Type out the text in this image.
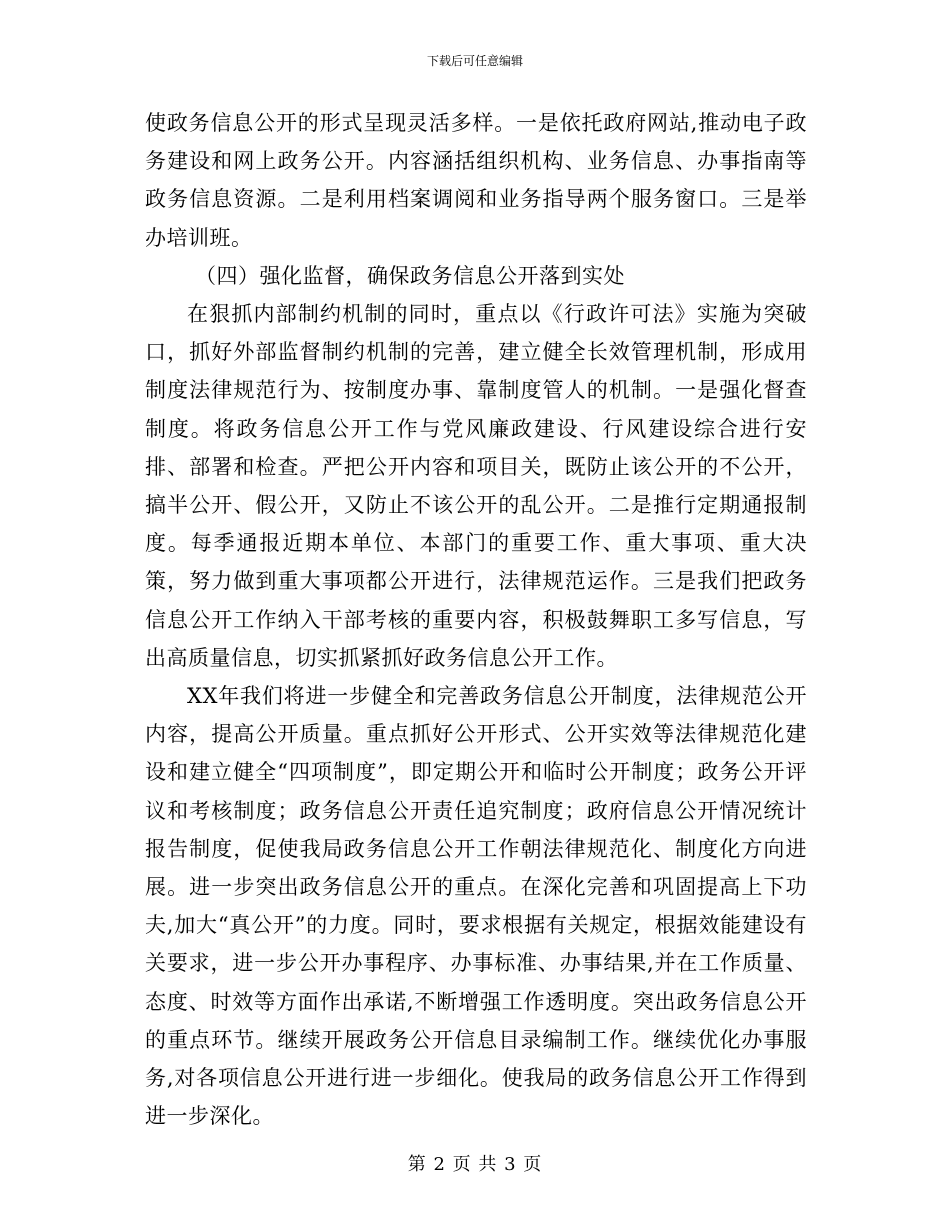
下载后可任意编辑

使政务信息公开的形式呈现灵活多样。一是依托政府网站,推动电子政务建设和网上政务公开。内容涵括组织机构、业务信息、办事指南等政务信息资源。二是利用档案调阅和业务指导两个服务窗口。三是举办培训班。

（四）强化监督，确保政务信息公开落到实处

在狠抓内部制约机制的同时，重点以《行政许可法》实施为突破口，抓好外部监督制约机制的完善，建立健全长效管理机制，形成用制度法律规范行为、按制度办事、靠制度管人的机制。一是强化督查制度。将政务信息公开工作与党风廉政建设、行风建设综合进行安排、部署和检查。严把公开内容和项目关，既防止该公开的不公开，搞半公开、假公开，又防止不该公开的乱公开。二是推行定期通报制度。每季通报近期本单位、本部门的重要工作、重大事项、重大决策，努力做到重大事项都公开进行，法律规范运作。三是我们把政务信息公开工作纳入干部考核的重要内容，积极鼓舞职工多写信息，写出高质量信息，切实抓紧抓好政务信息公开工作。

XX年我们将进一步健全和完善政务信息公开制度，法律规范公开内容，提高公开质量。重点抓好公开形式、公开实效等法律规范化建设和建立健全“四项制度”，即定期公开和临时公开制度；政务公开评议和考核制度；政务信息公开责任追究制度；政府信息公开情况统计报告制度，促使我局政务信息公开工作朝法律规范化、制度化方向进展。进一步突出政务信息公开的重点。在深化完善和巩固提高上下功夫,加大“真公开”的力度。同时，要求根据有关规定，根据效能建设有关要求，进一步公开办事程序、办事标准、办事结果,并在工作质量、态度、时效等方面作出承诺,不断增强工作透明度。突出政务信息公开的重点环节。继续开展政务公开信息目录编制工作。继续优化办事服务,对各项信息公开进行进一步细化。使我局的政务信息公开工作得到进一步深化。

第 2 页 共 3 页
